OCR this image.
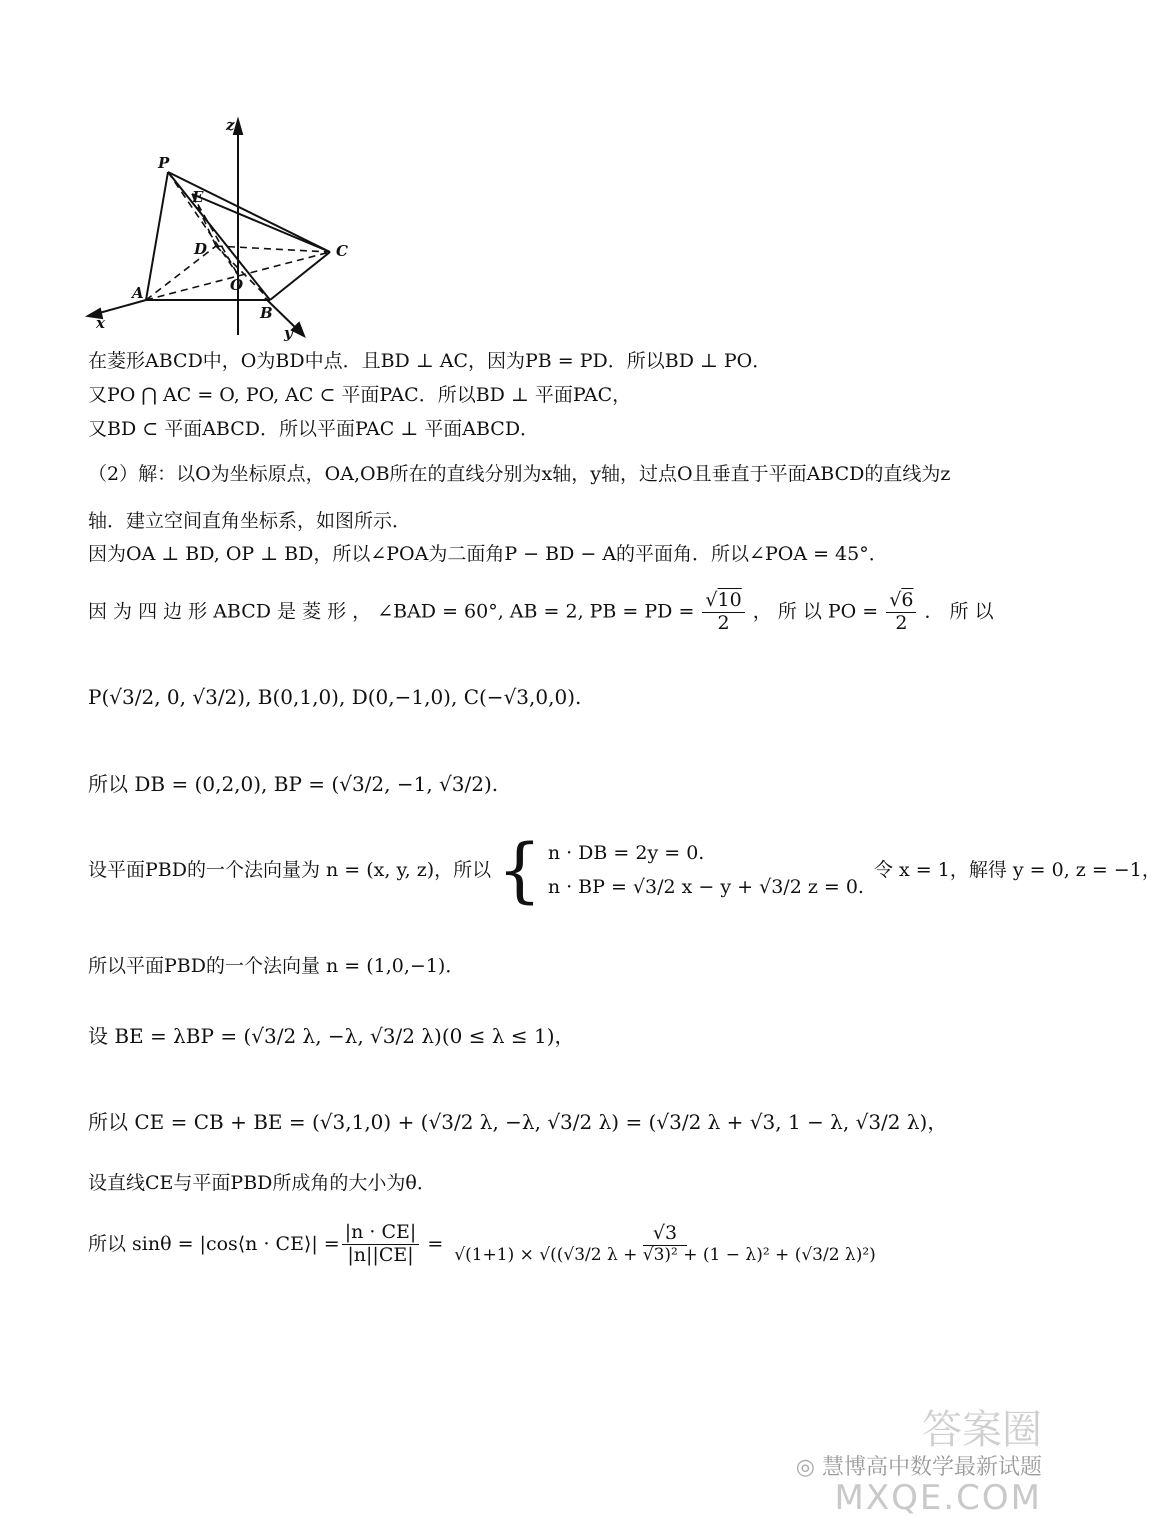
z
P
E
D	C
O
A
B
x
y
在菱形ABCD中，O为BD中点．且BD ⊥ AC，因为PB = PD．所以BD ⊥ PO．
又PO ⋂ AC = O, PO, AC ⊂ 平面PAC．所以BD ⊥ 平面PAC，
又BD ⊂ 平面ABCD．所以平面PAC ⊥ 平面ABCD．
（2）解：以O为坐标原点，OA,OB所在的直线分别为x轴，y轴，过点O且垂直于平面ABCD的直线为z
轴．建立空间直角坐标系，如图所示．
因为OA ⊥ BD, OP ⊥ BD，所以∠POA为二面角P − BD − A的平面角．所以∠POA = 45°．
因 为 四 边 形 ABCD 是 菱 形 ， ∠BAD = 60°, AB = 2, PB = PD = $\frac{√10}{2}$ ， 所 以 PO = $\frac{√6}{2}$ ． 所 以
P(√3/2, 0, √3/2), B(0,1,0), D(0,−1,0), C(−√3,0,0).
所以 DB = (0,2,0), BP = (√3/2, −1, √3/2).
设平面PBD的一个法向量为 n = (x, y, z)，所以 { n · DB = 2y = 0.
n · BP = √3/2 x − y + √3/2 z = 0.
令 x = 1，解得 y = 0, z = −1，
所以平面PBD的一个法向量 n = (1,0,−1)．
设 BE = λBP = (√3/2 λ, −λ, √3/2 λ)(0 ≤ λ ≤ 1)，
所以 CE = CB + BE = (√3,1,0) + (√3/2 λ, −λ, √3/2 λ) = (√3/2 λ + √3, 1 − λ, √3/2 λ)，
设直线CE与平面PBD所成角的大小为θ．
所以 sinθ = |cos⟨n · CE⟩| = $\frac{|n \cdot CE|}{|n||CE|} = \frac{√3}{\text{√(1+1) × √((√3/2 λ + √3)² + (1 − λ)² + (√3/2 λ)²)}}$
答案圈
◎ 慧博高中数学最新试题
MXQE.COM
